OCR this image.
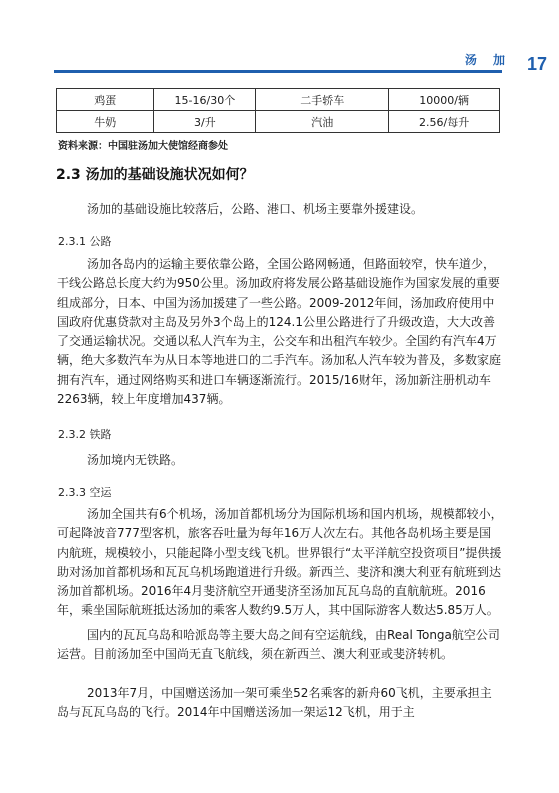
汤 加 17
鸡蛋	15-16/30个	二手轿车	10000/辆
牛奶	3/升	汽油	2.56/每升
资料来源：中国驻汤加大使馆经商参处
2.3 汤加的基础设施状况如何？

汤加的基础设施比较落后，公路、港口、机场主要靠外援建设。

2.3.1 公路

汤加各岛内的运输主要依靠公路，全国公路网畅通，但路面较窄，快车道少，干线公路总长度大约为950公里。汤加政府将发展公路基础设施作为国家发展的重要组成部分，日本、中国为汤加援建了一些公路。2009-2012年间，汤加政府使用中国政府优惠贷款对主岛及另外3个岛上的124.1公里公路进行了升级改造，大大改善了交通运输状况。交通以私人汽车为主，公交车和出租汽车较少。全国约有汽车4万辆，绝大多数汽车为从日本等地进口的二手汽车。汤加私人汽车较为普及，多数家庭拥有汽车，通过网络购买和进口车辆逐渐流行。2015/16财年，汤加新注册机动车2263辆，较上年度增加437辆。

2.3.2 铁路

汤加境内无铁路。

2.3.3 空运

汤加全国共有6个机场，汤加首都机场分为国际机场和国内机场，规模都较小，可起降波音777型客机，旅客吞吐量为每年16万人次左右。其他各岛机场主要是国内航班，规模较小，只能起降小型支线飞机。世界银行“太平洋航空投资项目”提供援助对汤加首都机场和瓦瓦乌机场跑道进行升级。新西兰、斐济和澳大利亚有航班到达汤加首都机场。2016年4月斐济航空开通斐济至汤加瓦瓦乌岛的直航航班。2016年，乘坐国际航班抵达汤加的乘客人数约9.5万人，其中国际游客人数达5.85万人。

国内的瓦瓦乌岛和哈派岛等主要大岛之间有空运航线，由Real Tonga航空公司运营。目前汤加至中国尚无直飞航线，须在新西兰、澳大利亚或斐济转机。

2013年7月，中国赠送汤加一架可乘坐52名乘客的新舟60飞机，主要承担主岛与瓦瓦乌岛的飞行。2014年中国赠送汤加一架运12飞机，用于主
